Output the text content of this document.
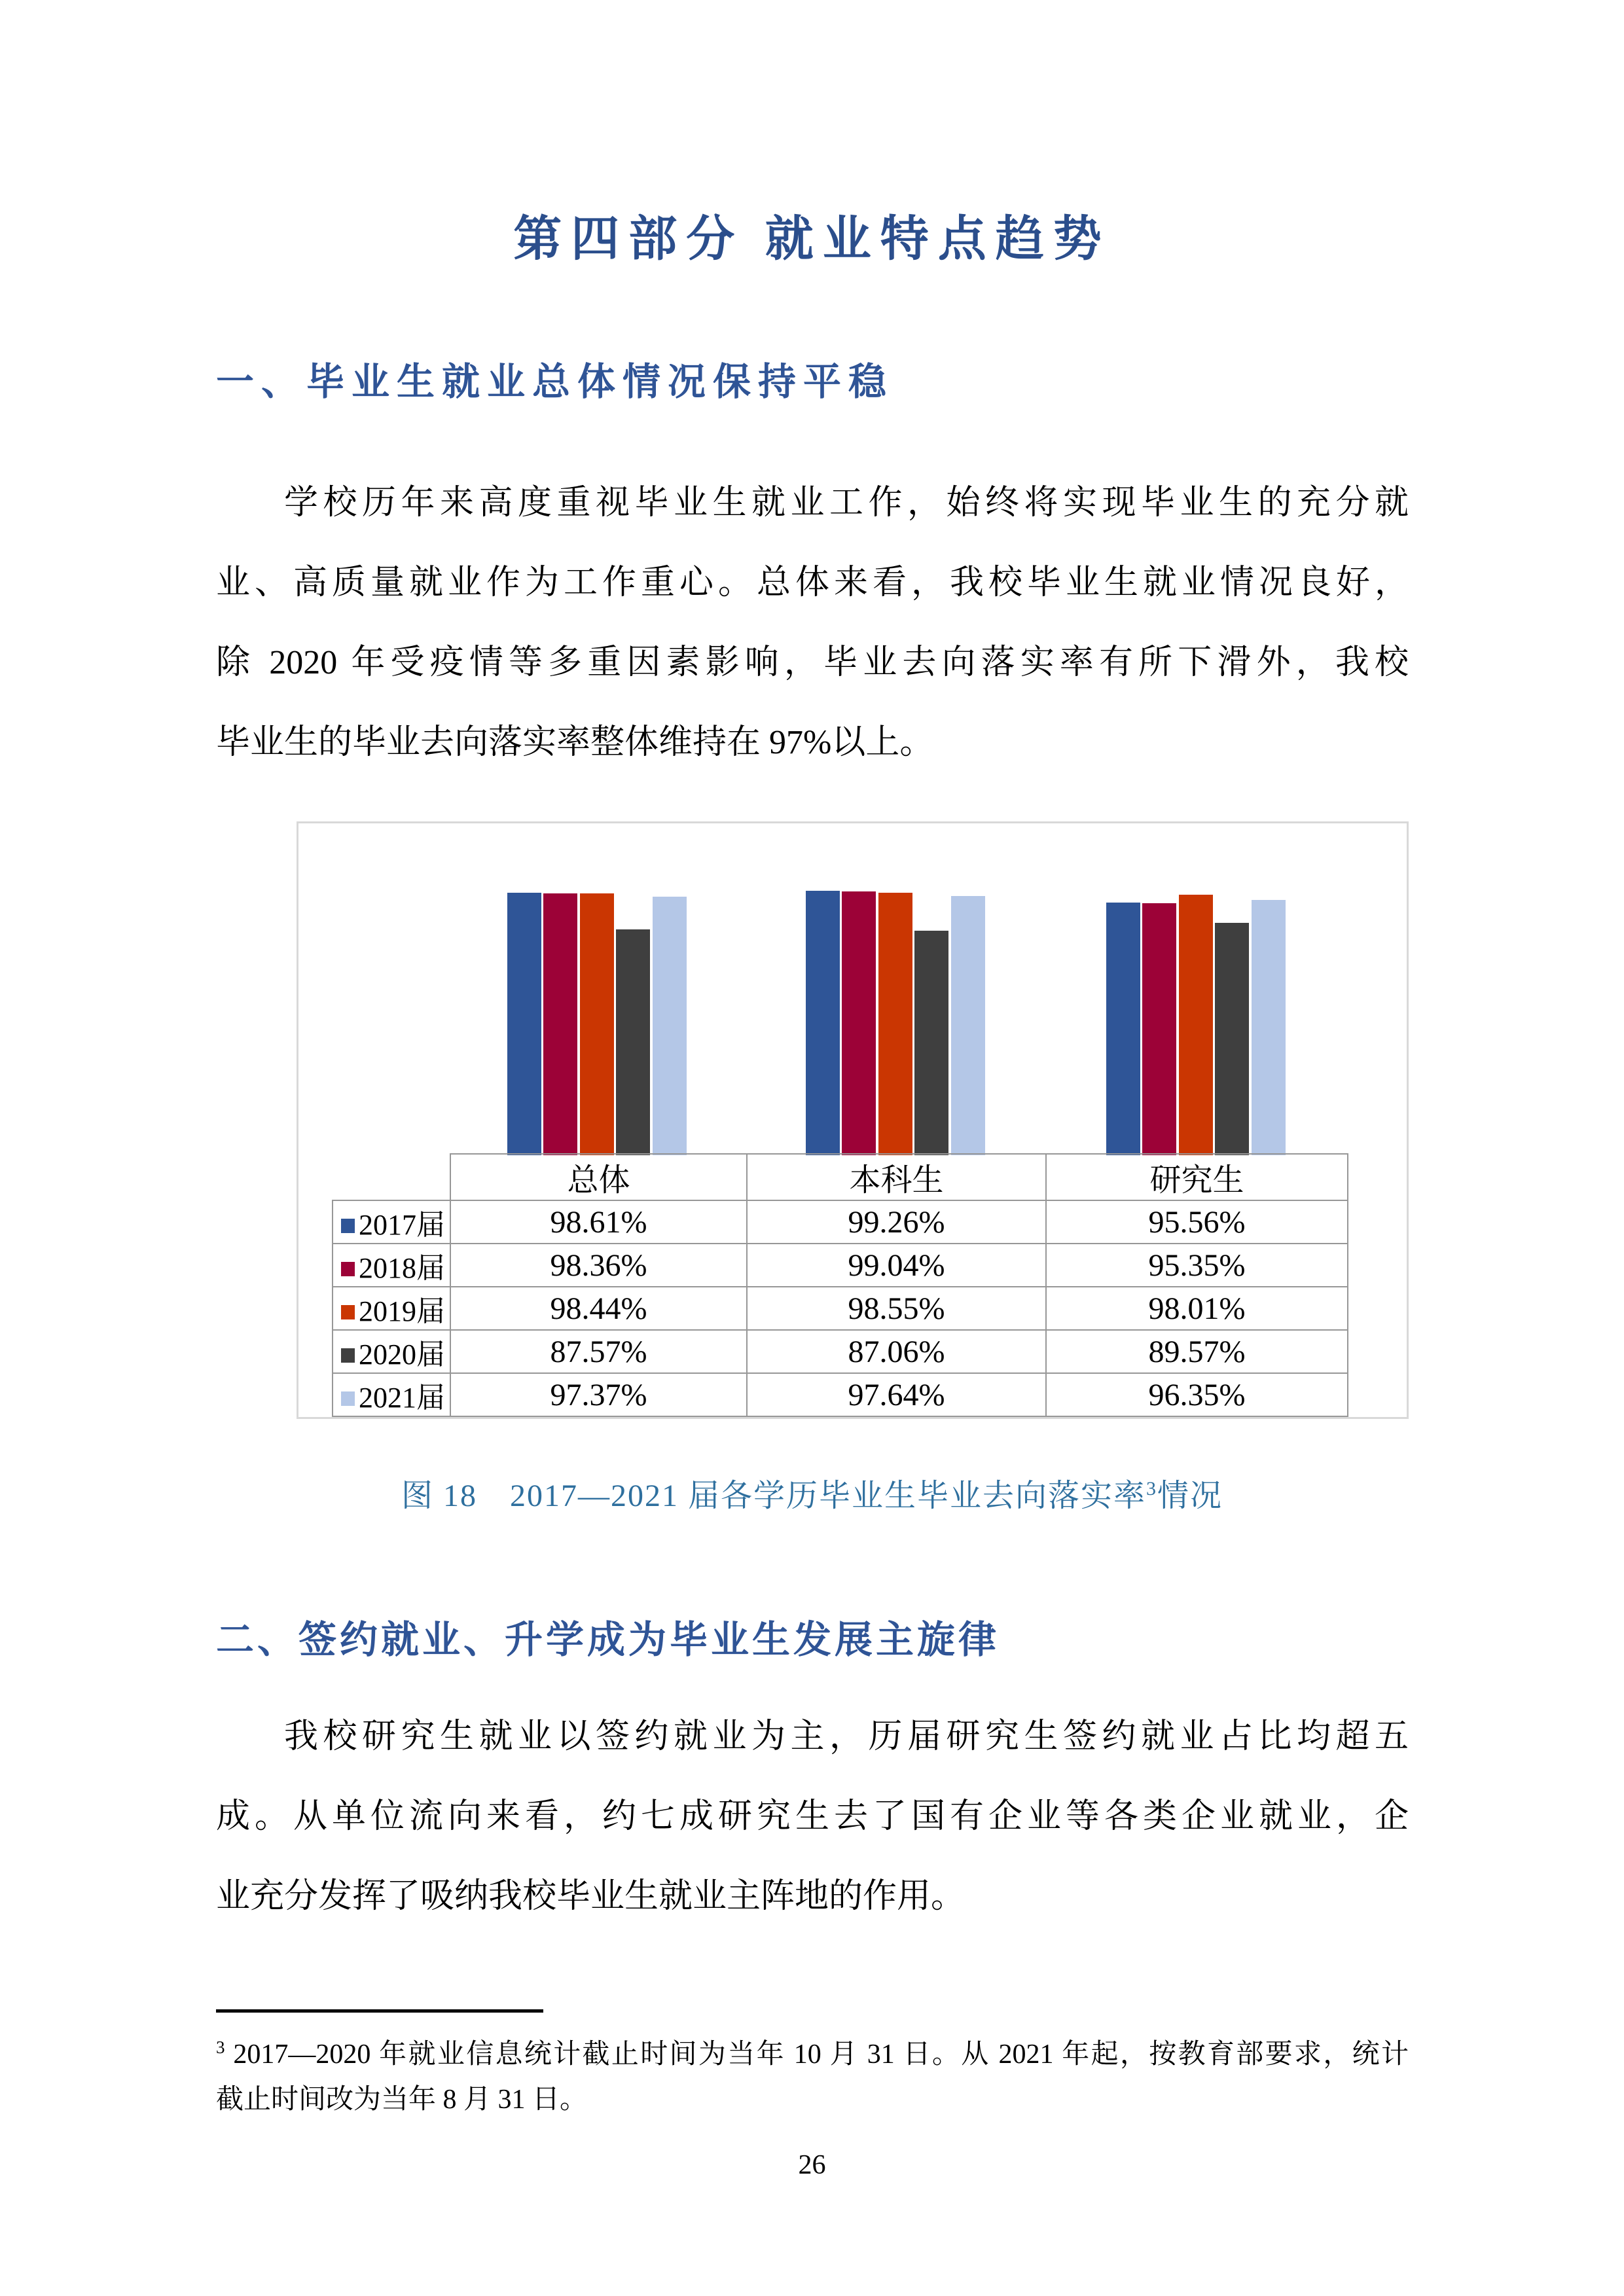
第四部分 就业特点趋势
一、毕业生就业总体情况保持平稳
学校历年来高度重视毕业生就业工作，始终将实现毕业生的充分就
业、高质量就业作为工作重心。总体来看，我校毕业生就业情况良好，
除 2020 年受疫情等多重因素影响，毕业去向落实率有所下滑外，我校
毕业生的毕业去向落实率整体维持在 97%以上。
	总体	本科生	研究生
2017届	98.61%	99.26%	95.56%
2018届	98.36%	99.04%	95.35%
2019届	98.44%	98.55%	98.01%
2020届	87.57%	87.06%	89.57%
2021届	97.37%	97.64%	96.35%
图 18　2017—2021 届各学历毕业生毕业去向落实率$^3$情况
二、签约就业、升学成为毕业生发展主旋律
我校研究生就业以签约就业为主，历届研究生签约就业占比均超五
成。从单位流向来看，约七成研究生去了国有企业等各类企业就业，企
业充分发挥了吸纳我校毕业生就业主阵地的作用。
$^3$ 2017—2020 年就业信息统计截止时间为当年 10 月 31 日。从 2021 年起，按教育部要求，统计
截止时间改为当年 8 月 31 日。
26
